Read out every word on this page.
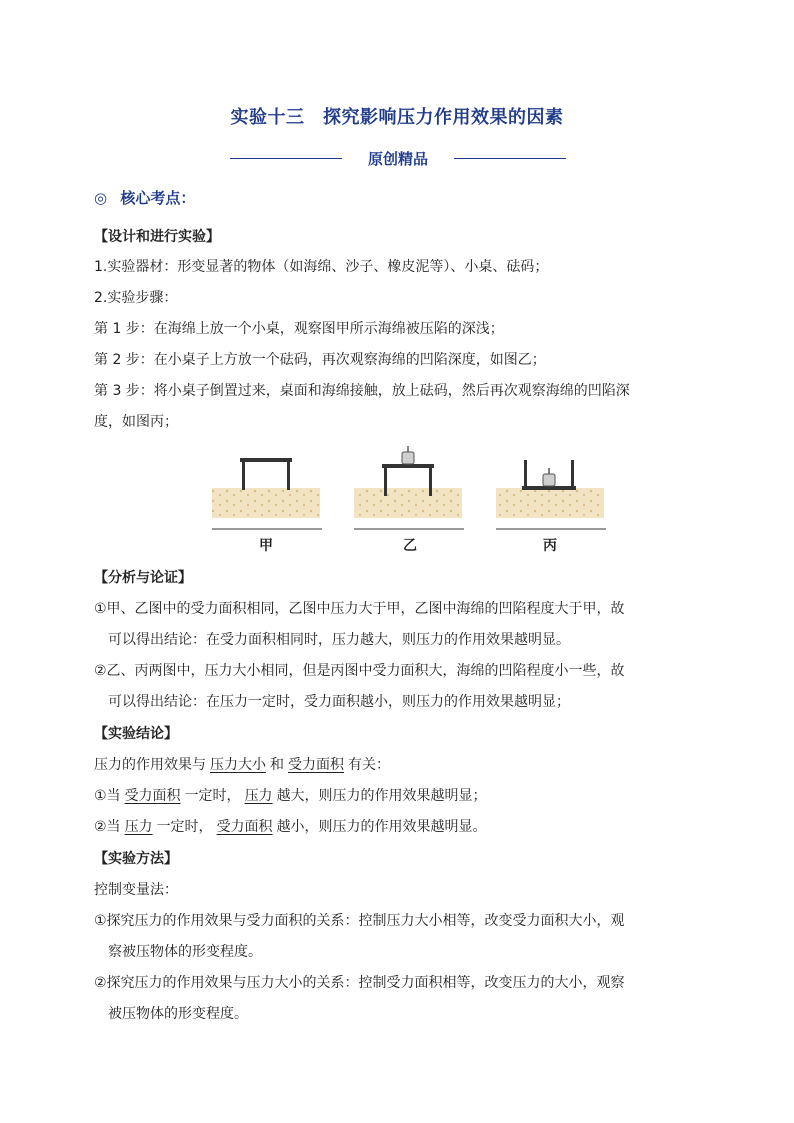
实验十三　探究影响压力作用效果的因素
原创精品
◎ 核心考点：
【设计和进行实验】
1.实验器材：形变显著的物体（如海绵、沙子、橡皮泥等）、小桌、砝码；
2.实验步骤：
第 1 步：在海绵上放一个小桌，观察图甲所示海绵被压陷的深浅；
第 2 步：在小桌子上方放一个砝码，再次观察海绵的凹陷深度，如图乙；
第 3 步：将小桌子倒置过来，桌面和海绵接触，放上砝码，然后再次观察海绵的凹陷深
度，如图丙；
甲	乙	丙
【分析与论证】
①甲、乙图中的受力面积相同，乙图中压力大于甲，乙图中海绵的凹陷程度大于甲，故
可以得出结论：在受力面积相同时，压力越大，则压力的作用效果越明显。
②乙、丙两图中，压力大小相同，但是丙图中受力面积大，海绵的凹陷程度小一些，故
可以得出结论：在压力一定时，受力面积越小，则压力的作用效果越明显；
【实验结论】
压力的作用效果与 压力大小 和 受力面积 有关：
①当 受力面积 一定时， 压力 越大，则压力的作用效果越明显；
②当 压力 一定时， 受力面积 越小，则压力的作用效果越明显。
【实验方法】
控制变量法：
①探究压力的作用效果与受力面积的关系：控制压力大小相等，改变受力面积大小，观
察被压物体的形变程度。
②探究压力的作用效果与压力大小的关系：控制受力面积相等，改变压力的大小，观察
被压物体的形变程度。
